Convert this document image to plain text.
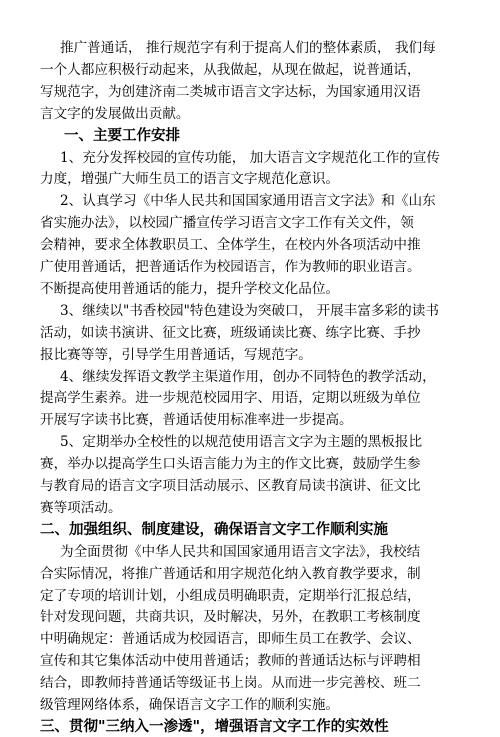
推广普通话， 推行规范字有利于提高人们的整体素质， 我们每
一个人都应积极行动起来，从我做起，从现在做起，说普通话，
写规范字，为创建济南二类城市语言文字达标，为国家通用汉语
言文字的发展做出贡献。
一、主要工作安排
1、充分发挥校园的宣传功能， 加大语言文字规范化工作的宣传
力度，增强广大师生员工的语言文字规范化意识。
2、认真学习《中华人民共和国国家通用语言文字法》和《山东
省实施办法》，以校园广播宣传学习语言文字工作有关文件，领
会精神，要求全体教职员工、全体学生，在校内外各项活动中推
广使用普通话，把普通话作为校园语言，作为教师的职业语言。
不断提高使用普通话的能力，提升学校文化品位。
3、继续以"书香校园"特色建设为突破口， 开展丰富多彩的读书
活动，如读书演讲、征文比赛，班级诵读比赛、练字比赛、手抄
报比赛等等，引导学生用普通话，写规范字。
4、继续发挥语文教学主渠道作用，创办不同特色的教学活动，
提高学生素养。进一步规范校园用字、用语，定期以班级为单位
开展写字读书比赛，普通话使用标准率进一步提高。
5、定期举办全校性的以规范使用语言文字为主题的黑板报比
赛，举办以提高学生口头语言能力为主的作文比赛，鼓励学生参
与教育局的语言文字项目活动展示、区教育局读书演讲、征文比
赛等项活动。
二、加强组织、制度建设，确保语言文字工作顺利实施
为全面贯彻《中华人民共和国国家通用语言文字法》，我校结
合实际情况，将推广普通话和用字规范化纳入教育教学要求，制
定了专项的培训计划，小组成员明确职责，定期举行汇报总结，
针对发现问题，共商共识，及时解决，另外，在教职工考核制度
中明确规定：普通话成为校园语言，即师生员工在教学、会议、
宣传和其它集体活动中使用普通话；教师的普通话达标与评聘相
结合，即教师持普通话等级证书上岗。从而进一步完善校、班二
级管理网络体系，确保语言文字工作的顺利实施。
三、贯彻"三纳入一渗透"，增强语言文字工作的实效性
